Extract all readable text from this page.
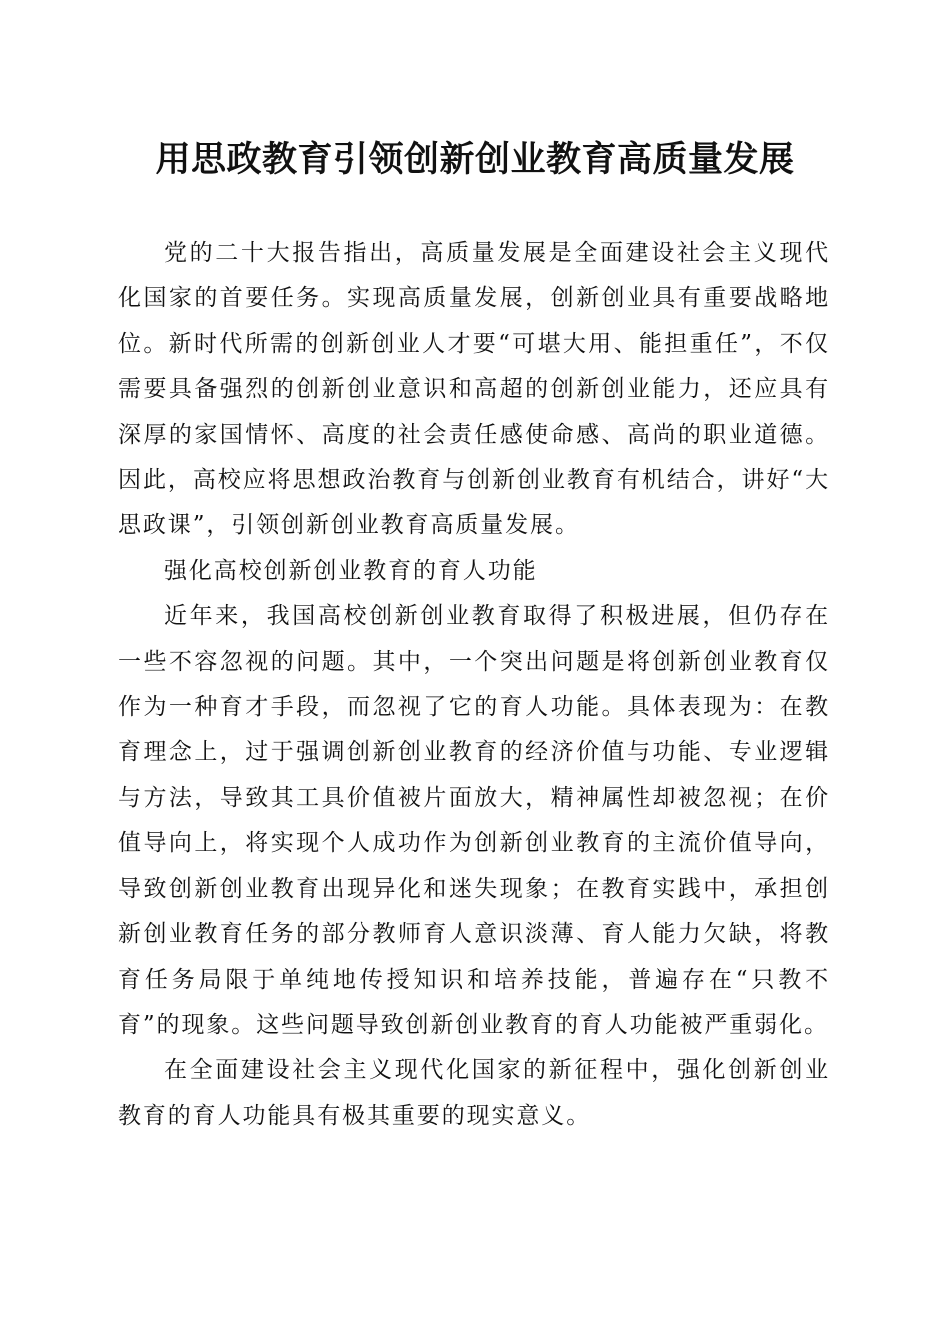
用思政教育引领创新创业教育高质量发展

党的二十大报告指出，高质量发展是全面建设社会主义现代化国家的首要任务。实现高质量发展，创新创业具有重要战略地位。新时代所需的创新创业人才要“可堪大用、能担重任”，不仅需要具备强烈的创新创业意识和高超的创新创业能力，还应具有深厚的家国情怀、高度的社会责任感使命感、高尚的职业道德。因此，高校应将思想政治教育与创新创业教育有机结合，讲好“大思政课”，引领创新创业教育高质量发展。

强化高校创新创业教育的育人功能

近年来，我国高校创新创业教育取得了积极进展，但仍存在一些不容忽视的问题。其中，一个突出问题是将创新创业教育仅作为一种育才手段，而忽视了它的育人功能。具体表现为：在教育理念上，过于强调创新创业教育的经济价值与功能、专业逻辑与方法，导致其工具价值被片面放大，精神属性却被忽视；在价值导向上，将实现个人成功作为创新创业教育的主流价值导向，导致创新创业教育出现异化和迷失现象；在教育实践中，承担创新创业教育任务的部分教师育人意识淡薄、育人能力欠缺，将教育任务局限于单纯地传授知识和培养技能，普遍存在“只教不育”的现象。这些问题导致创新创业教育的育人功能被严重弱化。

在全面建设社会主义现代化国家的新征程中，强化创新创业教育的育人功能具有极其重要的现实意义。
